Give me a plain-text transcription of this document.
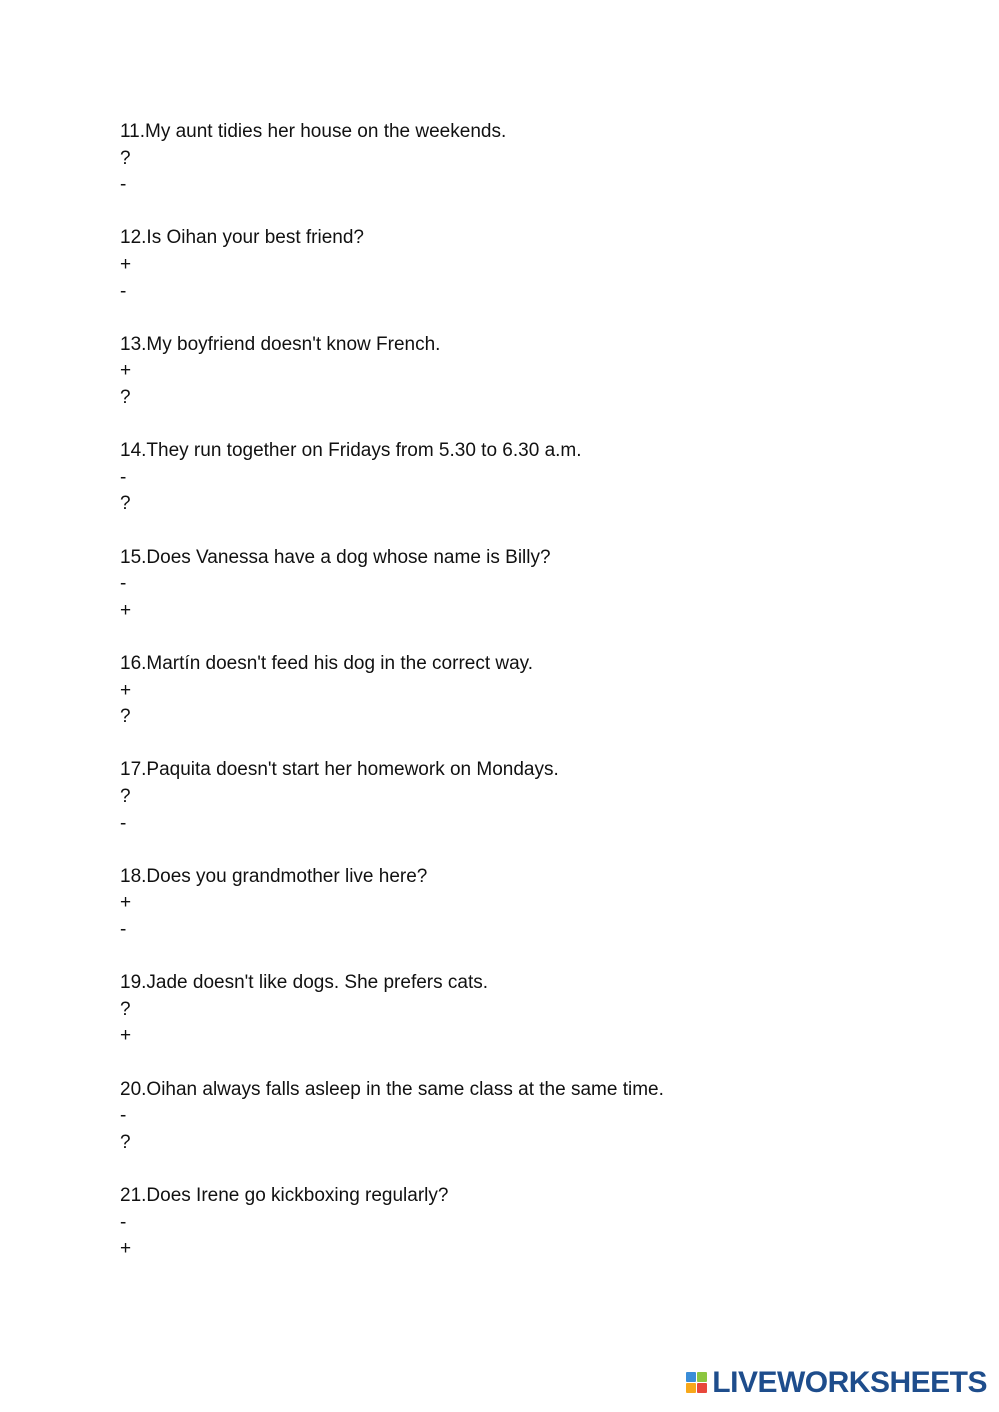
11.My aunt tidies her house on the weekends.
?
-
12.Is Oihan your best friend?
+
-
13.My boyfriend doesn't know French.
+
?
14.They run together on Fridays from 5.30 to 6.30 a.m.
-
?
15.Does Vanessa have a dog whose name is Billy?
-
+
16.Martín doesn't feed his dog in the correct way.
+
?
17.Paquita doesn't start her homework on Mondays.
?
-
18.Does you grandmother live here?
+
-
19.Jade doesn't like dogs. She prefers cats.
?
+
20.Oihan always falls asleep in the same class at the same time.
-
?
21.Does Irene go kickboxing regularly?
-
+
LIVEWORKSHEETS
